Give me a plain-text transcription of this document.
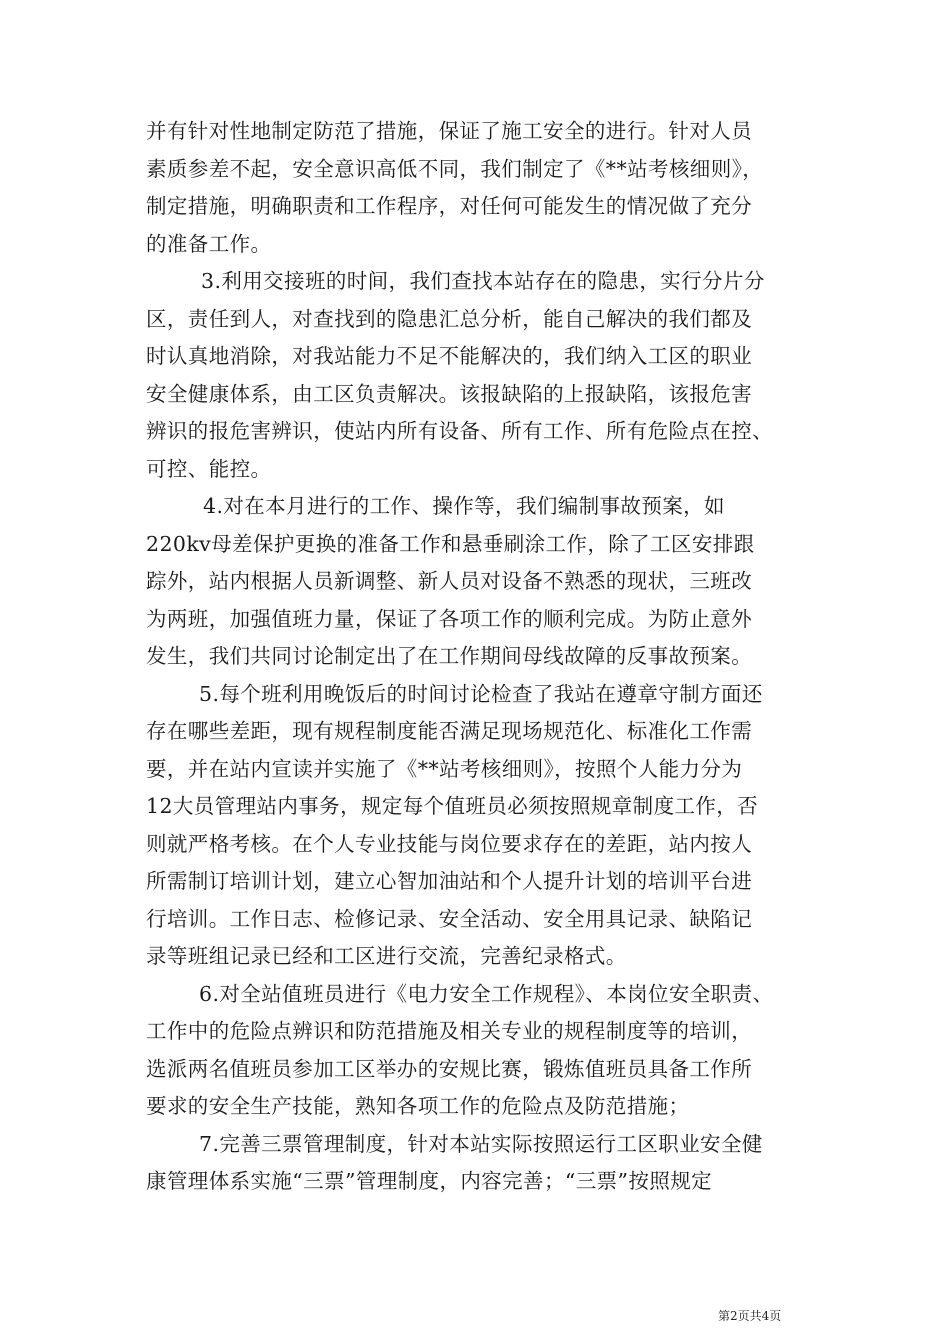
并有针对性地制定防范了措施，保证了施工安全的进行。针对人员
素质参差不起，安全意识高低不同，我们制定了《**站考核细则》，
制定措施，明确职责和工作程序，对任何可能发生的情况做了充分
的准备工作。
3.利用交接班的时间，我们查找本站存在的隐患，实行分片分
区，责任到人，对查找到的隐患汇总分析，能自己解决的我们都及
时认真地消除，对我站能力不足不能解决的，我们纳入工区的职业
安全健康体系，由工区负责解决。该报缺陷的上报缺陷，该报危害
辨识的报危害辨识，使站内所有设备、所有工作、所有危险点在控、
可控、能控。
4.对在本月进行的工作、操作等，我们编制事故预案，如
220kv母差保护更换的准备工作和悬垂刷涂工作，除了工区安排跟
踪外，站内根据人员新调整、新人员对设备不熟悉的现状，三班改
为两班，加强值班力量，保证了各项工作的顺利完成。为防止意外
发生，我们共同讨论制定出了在工作期间母线故障的反事故预案。
5.每个班利用晚饭后的时间讨论检查了我站在遵章守制方面还
存在哪些差距，现有规程制度能否满足现场规范化、标准化工作需
要，并在站内宣读并实施了《**站考核细则》，按照个人能力分为
12大员管理站内事务，规定每个值班员必须按照规章制度工作，否
则就严格考核。在个人专业技能与岗位要求存在的差距，站内按人
所需制订培训计划，建立心智加油站和个人提升计划的培训平台进
行培训。工作日志、检修记录、安全活动、安全用具记录、缺陷记
录等班组记录已经和工区进行交流，完善纪录格式。
6.对全站值班员进行《电力安全工作规程》、本岗位安全职责、
工作中的危险点辨识和防范措施及相关专业的规程制度等的培训，
选派两名值班员参加工区举办的安规比赛，锻炼值班员具备工作所
要求的安全生产技能，熟知各项工作的危险点及防范措施；
7.完善三票管理制度，针对本站实际按照运行工区职业安全健
康管理体系实施“三票”管理制度，内容完善；“三票”按照规定
第2页共4页
